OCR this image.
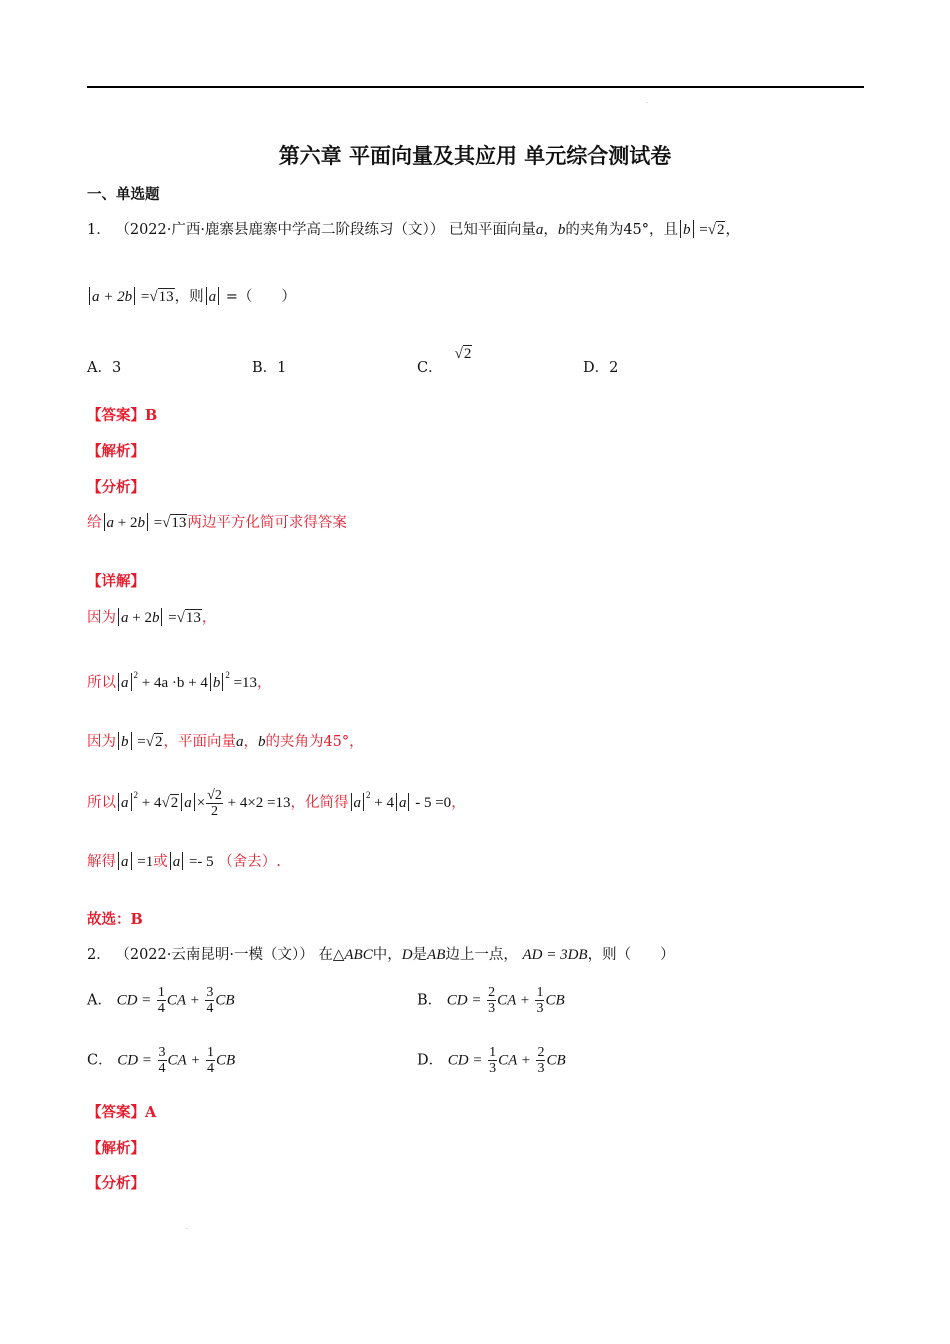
.
第六章 平面向量及其应用 单元综合测试卷
一、单选题
1． （2022·广西·鹿寨县鹿寨中学高二阶段练习（文）） 已知平面向量a，b的夹角为45°，且 b =√2，
a + 2b =√13，则 a =（　　）
A．3	B．1	C．√2
D．2
【答案】B
【解析】
【分析】
给 a + 2b =√13两边平方化简可求得答案
【详解】
因为 a + 2b =√13，
所以 a $^2$ + 4a ·b + 4 b $^2$ =13，
因为 b =√2，平面向量a，b的夹角为45°，
所以 a $^2$ + 4√2 $a \times \frac{√2}{2} + 4\times 2 =13$，化简得 a $^2$ + 4 a - 5 =0，
解得 a =1或 a =- 5 （舍去）.
故选：B
2． （2022·云南昆明·一模（文）） 在△ABC中，D是AB边上一点， AD = 3DB，则（　　）
A． CD = $\frac{1}{4}$ CA + $\frac{3}{4}$ CB	B． CD = $\frac{2}{3}$ CA + $\frac{1}{3}$ CB
C． CD = $\frac{3}{4}$ CA + $\frac{1}{4}$ CB	D． CD = $\frac{1}{3}$ CA + $\frac{2}{3}$ CB
【答案】A
【解析】
【分析】
.
